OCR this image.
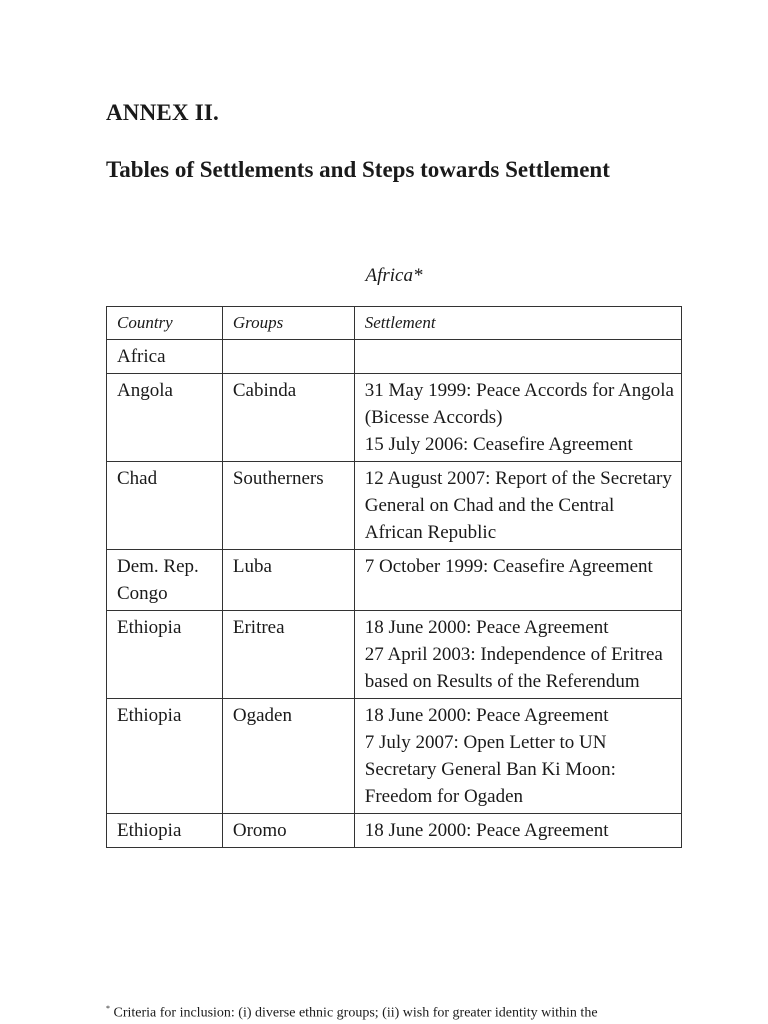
ANNEX II.
Tables of Settlements and Steps towards Settlement
Africa*
Country	Groups	Settlement
Africa		
Angola	Cabinda	31 May 1999: Peace Accords for Angola (Bicesse Accords)
15 July 2006: Ceasefire Agreement

Chad	Southerners	12 August 2007: Report of the Secretary General on Chad and the Central African Republic

Dem. Rep. Congo	Luba	7 October 1999: Ceasefire Agreement

Ethiopia	Eritrea	18 June 2000: Peace Agreement
27 April 2003: Independence of Eritrea based on Results of the Referendum

Ethiopia	Ogaden	18 June 2000: Peace Agreement
7 July 2007: Open Letter to UN Secretary General Ban Ki Moon: Freedom for Ogaden

Ethiopia	Oromo	18 June 2000: Peace Agreement
* Criteria for inclusion: (i) diverse ethnic groups; (ii) wish for greater identity within the
